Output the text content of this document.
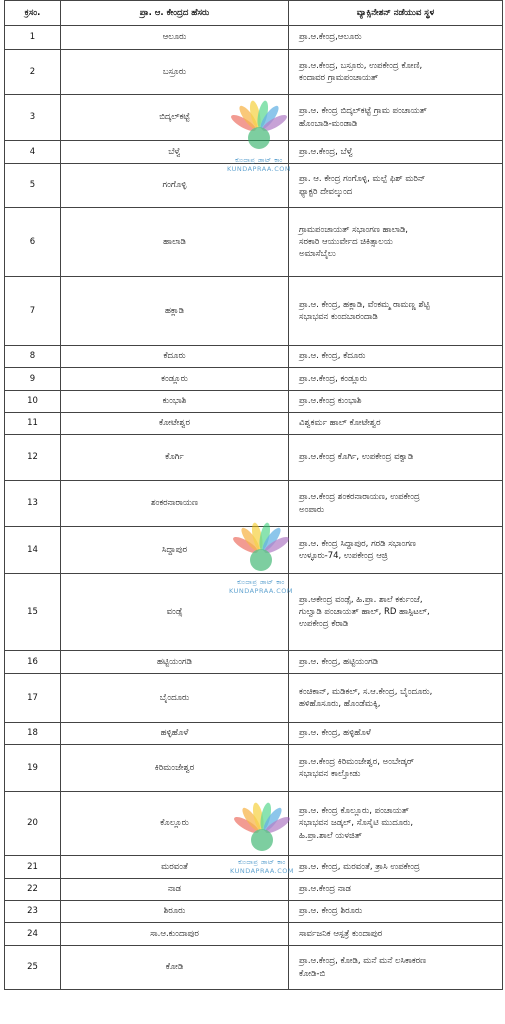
ಕ್ರಸಂ.	ಪ್ರಾ. ಆ. ಕೇಂದ್ರದ ಹೆಸರು	ವ್ಯಾಕ್ಸಿನೇಶನ್ ನಡೆಯುವ ಸ್ಥಳ
1	ಆಲೂರು	ಪ್ರಾ.ಆ.ಕೇಂದ್ರ,ಆಲೂರು

2	ಬಸ್ರೂರು	ಪ್ರಾ.ಆ.ಕೇಂದ್ರ, ಬಸ್ರೂರು, ಉಪಕೇಂದ್ರ ಕೋಣಿ,
ಕಂದಾವರ ಗ್ರಾಮಪಂಚಾಯತ್

3	ಬಿದ್ಕಲ್‌ಕಟ್ಟೆ	ಪ್ರಾ.ಆ. ಕೇಂದ್ರ ಬಿದ್ಕಲ್‌ಕಟ್ಟೆ ಗ್ರಾಮ ಪಂಚಾಯತ್
ಹೊಂಬಾಡಿ-ಮಂಡಾಡಿ

4	ಬೆಳ್ವೆ	ಪ್ರಾ.ಆ.ಕೇಂದ್ರ, ಬೆಳ್ವೆ

5	ಗಂಗೊಳ್ಳಿ	ಪ್ರಾ. ಆ. ಕೇಂದ್ರ ಗಂಗೊಳ್ಳಿ, ಮಲ್ಪೆ ಫಿಶ್ ಮರಿನ್
ಫ್ಯಾಕ್ಟರಿ ದೇವಲ್ಕುಂದ

6	ಹಾಲಾಡಿ	ಗ್ರಾಮಪಂಚಾಯತ್ ಸಭಾಂಗಣ ಹಾಲಾಡಿ,
ಸರಕಾರಿ ಆಯುರ್ವೇದ ಚಿಕಿತ್ಸಾಲಯ
ಅಮಾಸೆಬೈಲು

7	ಹಕ್ಲಾಡಿ	ಪ್ರಾ.ಆ. ಕೇಂದ್ರ, ಹಕ್ಲಾಡಿ, ವೆಂಕಮ್ಮ ರಾಮಣ್ಣ ಶೆಟ್ಟಿ
ಸಭಾಭವನ ಕುಂದಬಾರಂದಾಡಿ

8	ಕೆದೂರು	ಪ್ರಾ.ಆ. ಕೇಂದ್ರ, ಕೆದೂರು

9	ಕಂಡ್ಲೂರು	ಪ್ರಾ.ಆ.ಕೇಂದ್ರ, ಕಂಡ್ಲೂರು

10	ಕುಂಭಾಶಿ	ಪ್ರಾ.ಆ.ಕೇಂದ್ರ ಕುಂಭಾಶಿ

11	ಕೋಟೇಶ್ವರ	ವಿಶ್ವಕರ್ಮ ಹಾಲ್ ಕೋಟೇಶ್ವರ

12	ಕೊರ್ಗಿ	ಪ್ರಾ.ಆ.ಕೇಂದ್ರ ಕೊರ್ಗಿ, ಉಪಕೇಂದ್ರ ವಕ್ವಾಡಿ

13	ಶಂಕರನಾರಾಯಣ	ಪ್ರಾ.ಆ.ಕೇಂದ್ರ ಶಂಕರನಾರಾಯಣ, ಉಪಕೇಂದ್ರ
ಅಂಪಾರು

14	ಸಿದ್ದಾಪುರ	ಪ್ರಾ.ಆ. ಕೇಂದ್ರ ಸಿದ್ದಾಪುರ, ಗರಡಿ ಸಭಾಂಗಣ
ಉಳ್ಳೂರು-74, ಉಪಕೇಂದ್ರ ಆಜ್ರಿ

15	ವಂಡ್ಸೆ	ಪ್ರಾ.ಆಕೇಂದ್ರ ವಂಡ್ಸೆ, ಹಿ.ಪ್ರಾ. ಶಾಲೆ ಕರ್ಕುಂಜೆ,
ಗುಲ್ವಾಡಿ ಪಂಚಾಯತ್ ಹಾಲ್, RD ಹಾಸ್ಪಿಟಲ್,
ಉಪಕೇಂದ್ರ ಕೆರಾಡಿ

16	ಹಟ್ಟಿಯಂಗಡಿ	ಪ್ರಾ.ಆ. ಕೇಂದ್ರ, ಹಟ್ಟಿಯಂಗಡಿ

17	ಬೈಂದೂರು	ಕಂಚಿಕಾನ್, ಮಡಿಕಲ್, ಸ.ಆ.ಕೇಂದ್ರ, ಬೈಂದೂರು,
ಹಳಿಹೊಸೂರು, ಹೊಂಡೆಮಕ್ಕಿ,

18	ಹಳ್ಳಿಹೊಳೆ	ಪ್ರಾ.ಆ. ಕೇಂದ್ರ, ಹಳ್ಳಿಹೊಳೆ

19	ಕಿರಿಮಂಜೇಶ್ವರ	ಪ್ರಾ.ಆ.ಕೇಂದ್ರ ಕಿರಿಮಂಜೇಶ್ವರ, ಅಂಬೇಡ್ಕರ್
ಸಭಾಭವನ ಕಾಲ್ತೋಡು

20	ಕೊಲ್ಲೂರು	ಪ್ರಾ.ಆ. ಕೇಂದ್ರ ಕೊಲ್ಲೂರು, ಪಂಚಾಯತ್
ಸಭಾಭವನ ಜಡ್ಕಲ್, ಸೊಸೈಟಿ ಮುದೂರು,
ಹಿ.ಪ್ರಾ.ಶಾಲೆ ಯಳಜಿತ್

21	ಮರವಂತೆ	ಪ್ರಾ.ಆ. ಕೇಂದ್ರ, ಮರವಂತೆ, ತ್ರಾಸಿ ಉಪಕೇಂದ್ರ

22	ನಾಡ	ಪ್ರಾ.ಆ.ಕೇಂದ್ರ ನಾಡ

23	ಶಿರೂರು	ಪ್ರಾ.ಆ. ಕೇಂದ್ರ ಶಿರೂರು

24	ಸಾ.ಆ.ಕುಂದಾಪುರ	ಸಾರ್ವಜನಿಕ ಆಸ್ಪತ್ರೆ ಕುಂದಾಪುರ

25	ಕೋಡಿ	ಪ್ರಾ.ಆ.ಕೇಂದ್ರ, ಕೋಡಿ, ಮನೆ ಮನೆ ಲಸಿಕಾಕರಣ
ಕೋಡಿ-ಬಿ
ಕುಂದಾಪ್ರ ಡಾಟ್ ಕಾಂ
KUNDAPRAA.COM
ಕುಂದಾಪ್ರ ಡಾಟ್ ಕಾಂ
KUNDAPRAA.COM
ಕುಂದಾಪ್ರ ಡಾಟ್ ಕಾಂ
KUNDAPRAA.COM
